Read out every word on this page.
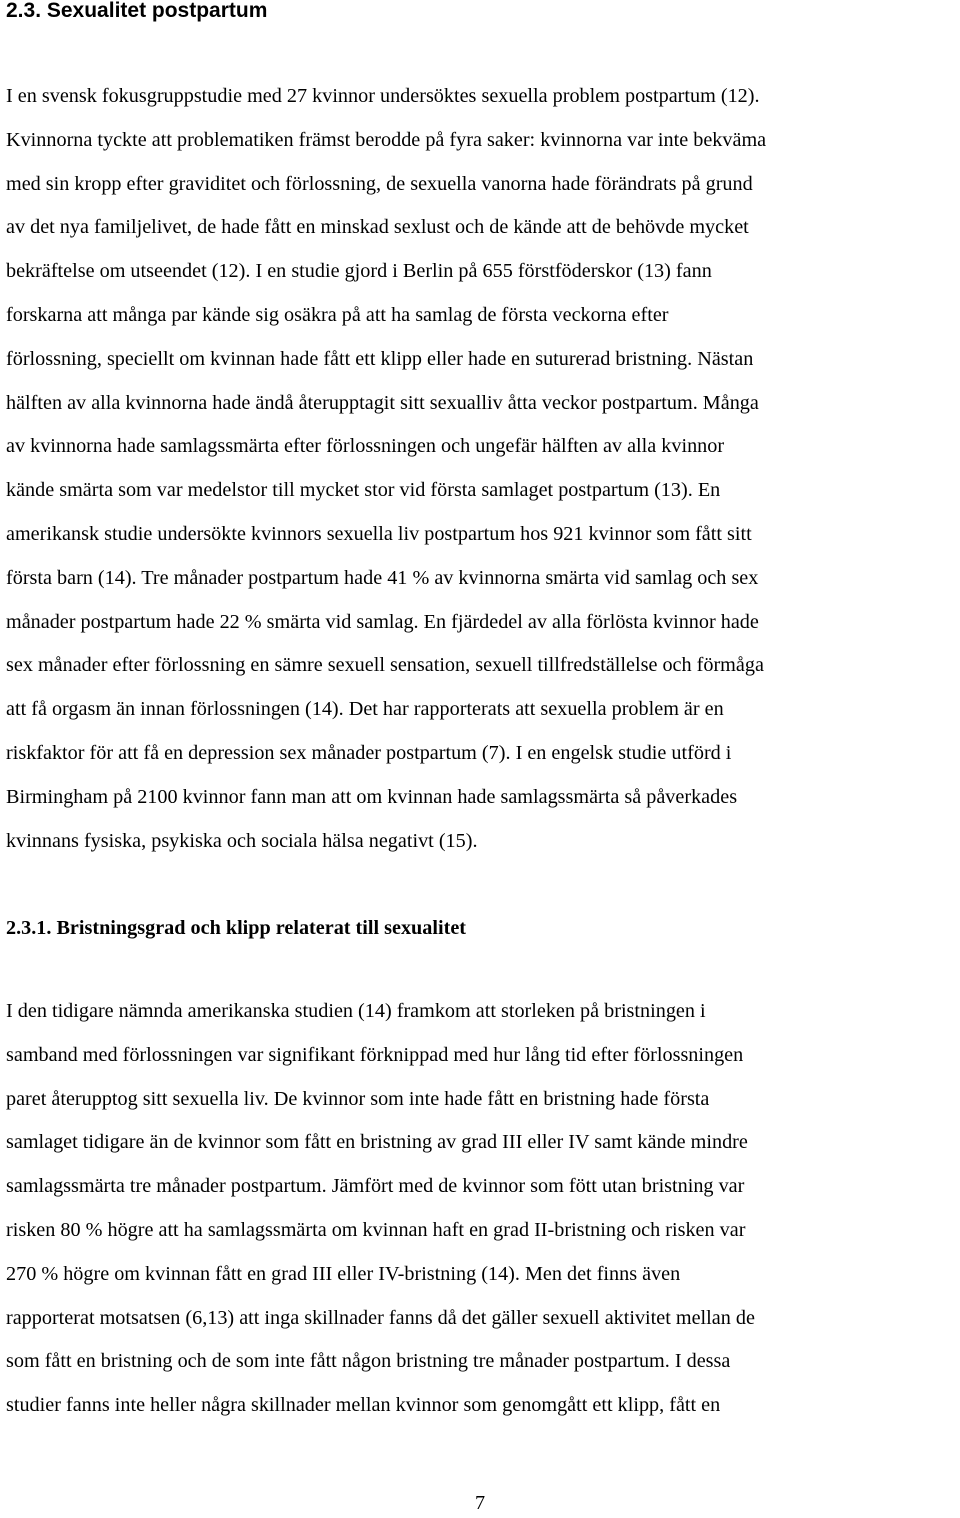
2.3. Sexualitet postpartum

I en svensk fokusgruppstudie med 27 kvinnor undersöktes sexuella problem postpartum (12).
Kvinnorna tyckte att problematiken främst berodde på fyra saker: kvinnorna var inte bekväma
med sin kropp efter graviditet och förlossning, de sexuella vanorna hade förändrats på grund
av det nya familjelivet, de hade fått en minskad sexlust och de kände att de behövde mycket
bekräftelse om utseendet (12). I en studie gjord i Berlin på 655 förstföderskor (13) fann
forskarna att många par kände sig osäkra på att ha samlag de första veckorna efter
förlossning, speciellt om kvinnan hade fått ett klipp eller hade en suturerad bristning. Nästan
hälften av alla kvinnorna hade ändå återupptagit sitt sexualliv åtta veckor postpartum. Många
av kvinnorna hade samlagssmärta efter förlossningen och ungefär hälften av alla kvinnor
kände smärta som var medelstor till mycket stor vid första samlaget postpartum (13). En
amerikansk studie undersökte kvinnors sexuella liv postpartum hos 921 kvinnor som fått sitt
första barn (14). Tre månader postpartum hade 41 % av kvinnorna smärta vid samlag och sex
månader postpartum hade 22 % smärta vid samlag. En fjärdedel av alla förlösta kvinnor hade
sex månader efter förlossning en sämre sexuell sensation, sexuell tillfredställelse och förmåga
att få orgasm än innan förlossningen (14). Det har rapporterats att sexuella problem är en
riskfaktor för att få en depression sex månader postpartum (7). I en engelsk studie utförd i
Birmingham på 2100 kvinnor fann man att om kvinnan hade samlagssmärta så påverkades
kvinnans fysiska, psykiska och sociala hälsa negativt (15).

2.3.1. Bristningsgrad och klipp relaterat till sexualitet

I den tidigare nämnda amerikanska studien (14) framkom att storleken på bristningen i
samband med förlossningen var signifikant förknippad med hur lång tid efter förlossningen
paret återupptog sitt sexuella liv. De kvinnor som inte hade fått en bristning hade första
samlaget tidigare än de kvinnor som fått en bristning av grad III eller IV samt kände mindre
samlagssmärta tre månader postpartum. Jämfört med de kvinnor som fött utan bristning var
risken 80 % högre att ha samlagssmärta om kvinnan haft en grad II-bristning och risken var
270 % högre om kvinnan fått en grad III eller IV-bristning (14). Men det finns även
rapporterat motsatsen (6,13) att inga skillnader fanns då det gäller sexuell aktivitet mellan de
som fått en bristning och de som inte fått någon bristning tre månader postpartum. I dessa
studier fanns inte heller några skillnader mellan kvinnor som genomgått ett klipp, fått en

7
